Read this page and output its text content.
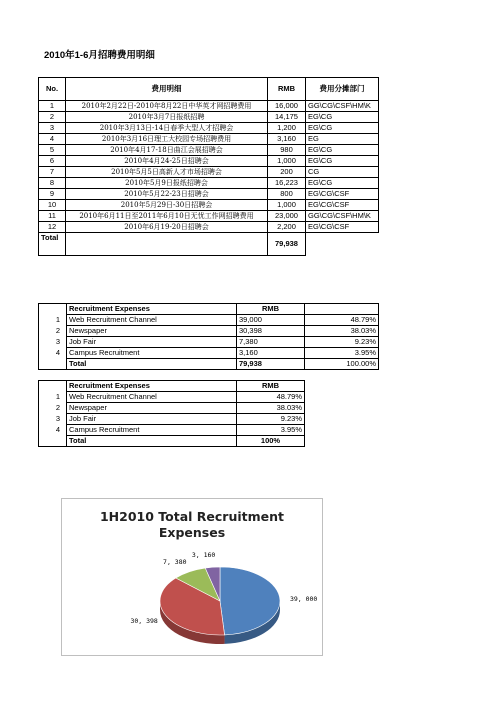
2010年1-6月招聘费用明细
No.	费用明细	RMB	费用分摊部门
1	2010年2月22日-2010年8月22日中华英才网招聘费用	16,000	GG\CG\CSF\HM\K
2	2010年3月7日报纸招聘	14,175	EG\CG
3	2010年3月13日-14日春季大型人才招聘会	1,200	EG\CG
4	2010年3月16日理工大校园专场招聘费用	3,160	EG
5	2010年4月17-18日曲江会展招聘会	980	EG\CG
6	2010年4月24-25日招聘会	1,000	EG\CG
7	2010年5月5日高新人才市场招聘会	200	CG
8	2010年5月9日报纸招聘会	16,223	EG\CG
9	2010年5月22-23日招聘会	800	EG\CG\CSF
10	2010年5月29日-30日招聘会	1,000	EG\CG\CSF
11	2010年6月11日至2011年6月10日无忧工作网招聘费用	23,000	GG\CG\CSF\HM\K
12	2010年6月19-20日招聘会	2,200	EG\CG\CSF
Total		79,938	
	Recruitment Expenses	RMB	
1	Web Recruitment Channel	39,000	48.79%
2	Newspaper	30,398	38.03%
3	Job Fair	7,380	9.23%
4	Campus Recruitment	3,160	3.95%
	Total	79,938	100.00%
	Recruitment Expenses	RMB
1	Web Recruitment Channel	48.79%
2	Newspaper	38.03%
3	Job Fair	9.23%
4	Campus Recruitment	3.95%
	Total	100%
1H2010 Total Recruitment
Expenses
39, 000
30, 398
7, 380
3, 160
